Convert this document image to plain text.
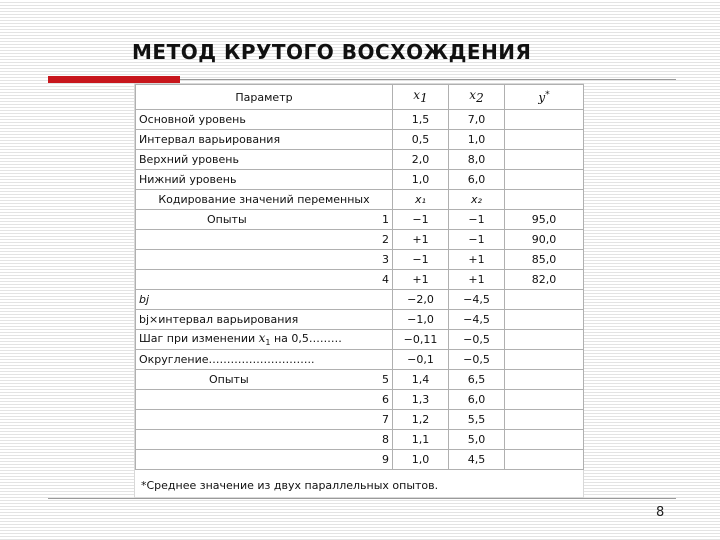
МЕТОД КРУТОГО ВОСХОЖДЕНИЯ
Параметр	~ $x_1$	~ $x_2$	y*
Основной уровень	1,5	7,0	
Интервал варьирования	0,5	1,0	
Верхний уровень	2,0	8,0	
Нижний уровень	1,0	6,0	
Кодирование значений переменных	x₁	x₂	
Опыты 1	−1	−1	95,0
2	+1	−1	90,0
3	−1	+1	85,0
4	+1	+1	82,0
bj	−2,0	−4,5	
bj×интервал варьирования	−1,0	−4,5	
Шаг при изменении ~ $x_1$ на 0,5………	−0,11	−0,5	
Округление………………………..	−0,1	−0,5	
Опыты 5	1,4	6,5	
6	1,3	6,0	
7	1,2	5,5	
8	1,1	5,0	
9	1,0	4,5	
*Среднее значение из двух параллельных опытов.
8
